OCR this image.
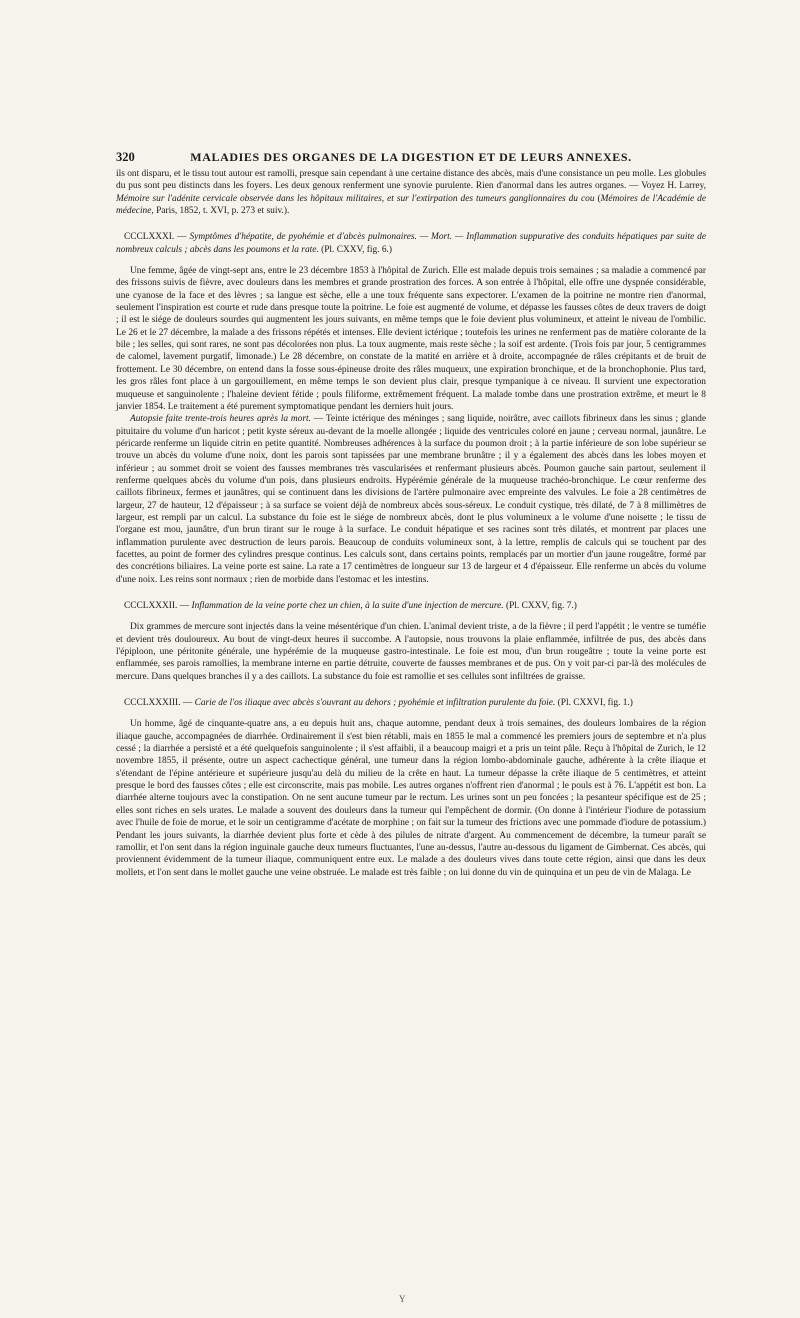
320	MALADIES DES ORGANES DE LA DIGESTION ET DE LEURS ANNEXES.

ils ont disparu, et le tissu tout autour est ramolli, presque sain cependant à une certaine distance des abcès, mais d'une consistance un peu molle. Les globules du pus sont peu distincts dans les foyers. Les deux genoux renferment une synovie purulente. Rien d'anormal dans les autres organes. — Voyez H. Larrey, Mémoire sur l'adénite cervicale observée dans les hôpitaux militaires, et sur l'extirpation des tumeurs ganglionnaires du cou (Mémoires de l'Académie de médecine, Paris, 1852, t. XVI, p. 273 et suiv.).

CCCLXXXI. — Symptômes d'hépatite, de pyohémie et d'abcès pulmonaires. — Mort. — Inflammation suppurative des conduits hépatiques par suite de nombreux calculs ; abcès dans les poumons et la rate. (Pl. CXXV, fig. 6.)

Une femme, âgée de vingt-sept ans, entre le 23 décembre 1853 à l'hôpital de Zurich. Elle est malade depuis trois semaines ; sa maladie a commencé par des frissons suivis de fièvre, avec douleurs dans les membres et grande prostration des forces. A son entrée à l'hôpital, elle offre une dyspnée considérable, une cyanose de la face et des lèvres ; sa langue est sèche, elle a une toux fréquente sans expectorer. L'examen de la poitrine ne montre rien d'anormal, seulement l'inspiration est courte et rude dans presque toute la poitrine. Le foie est augmenté de volume, et dépasse les fausses côtes de deux travers de doigt ; il est le siége de douleurs sourdes qui augmentent les jours suivants, en même temps que le foie devient plus volumineux, et atteint le niveau de l'ombilic. Le 26 et le 27 décembre, la malade a des frissons répétés et intenses. Elle devient ictérique ; toutefois les urines ne renferment pas de matière colorante de la bile ; les selles, qui sont rares, ne sont pas décolorées non plus. La toux augmente, mais reste sèche ; la soif est ardente. (Trois fois par jour, 5 centigrammes de calomel, lavement purgatif, limonade.) Le 28 décembre, on constate de la matité en arrière et à droite, accompagnée de râles crépitants et de bruit de frottement. Le 30 décembre, on entend dans la fosse sous-épineuse droite des râles muqueux, une expiration bronchique, et de la bronchophonie. Plus tard, les gros râles font place à un gargouillement, en même temps le son devient plus clair, presque tympanique à ce niveau. Il survient une expectoration muqueuse et sanguinolente ; l'haleine devient fétide ; pouls filiforme, extrêmement fréquent. La malade tombe dans une prostration extrême, et meurt le 8 janvier 1854. Le traitement a été purement symptomatique pendant les derniers huit jours.

Autopsie faite trente-trois heures après la mort. — Teinte ictérique des méninges ; sang liquide, noirâtre, avec caillots fibrineux dans les sinus ; glande pituitaire du volume d'un haricot ; petit kyste séreux au-devant de la moelle allongée ; liquide des ventricules coloré en jaune ; cerveau normal, jaunâtre. Le péricarde renferme un liquide citrin en petite quantité. Nombreuses adhérences à la surface du poumon droit ; à la partie inférieure de son lobe supérieur se trouve un abcès du volume d'une noix, dont les parois sont tapissées par une membrane brunâtre ; il y a également des abcès dans les lobes moyen et inférieur ; au sommet droit se voient des fausses membranes très vascularisées et renfermant plusieurs abcès. Poumon gauche sain partout, seulement il renferme quelques abcès du volume d'un pois, dans plusieurs endroits. Hypérémie générale de la muqueuse trachéo-bronchique. Le cœur renferme des caillots fibrineux, fermes et jaunâtres, qui se continuent dans les divisions de l'artère pulmonaire avec empreinte des valvules. Le foie a 28 centimètres de largeur, 27 de hauteur, 12 d'épaisseur ; à sa surface se voient déjà de nombreux abcès sous-séreux. Le conduit cystique, très dilaté, de 7 à 8 millimètres de largeur, est rempli par un calcul. La substance du foie est le siége de nombreux abcès, dont le plus volumineux a le volume d'une noisette ; le tissu de l'organe est mou, jaunâtre, d'un brun tirant sur le rouge à la surface. Le conduit hépatique et ses racines sont très dilatés, et montrent par places une inflammation purulente avec destruction de leurs parois. Beaucoup de conduits volumineux sont, à la lettre, remplis de calculs qui se touchent par des facettes, au point de former des cylindres presque continus. Les calculs sont, dans certains points, remplacés par un mortier d'un jaune rougeâtre, formé par des concrétions biliaires. La veine porte est saine. La rate a 17 centimètres de longueur sur 13 de largeur et 4 d'épaisseur. Elle renferme un abcès du volume d'une noix. Les reins sont normaux ; rien de morbide dans l'estomac et les intestins.

CCCLXXXII. — Inflammation de la veine porte chez un chien, à la suite d'une injection de mercure. (Pl. CXXV, fig. 7.)

Dix grammes de mercure sont injectés dans la veine mésentérique d'un chien. L'animal devient triste, a de la fièvre ; il perd l'appétit ; le ventre se tuméfie et devient très douloureux. Au bout de vingt-deux heures il succombe. A l'autopsie, nous trouvons la plaie enflammée, infiltrée de pus, des abcès dans l'épiploon, une péritonite générale, une hypérémie de la muqueuse gastro-intestinale. Le foie est mou, d'un brun rougeâtre ; toute la veine porte est enflammée, ses parois ramollies, la membrane interne en partie détruite, couverte de fausses membranes et de pus. On y voit par-ci par-là des molécules de mercure. Dans quelques branches il y a des caillots. La substance du foie est ramollie et ses cellules sont infiltrées de graisse.

CCCLXXXIII. — Carie de l'os iliaque avec abcès s'ouvrant au dehors ; pyohémie et infiltration purulente du foie. (Pl. CXXVI, fig. 1.)

Un homme, âgé de cinquante-quatre ans, a eu depuis huit ans, chaque automne, pendant deux à trois semaines, des douleurs lombaires de la région iliaque gauche, accompagnées de diarrhée. Ordinairement il s'est bien rétabli, mais en 1855 le mal a commencé les premiers jours de septembre et n'a plus cessé ; la diarrhée a persisté et a été quelquefois sanguinolente ; il s'est affaibli, il a beaucoup maigri et a pris un teint pâle. Reçu à l'hôpital de Zurich, le 12 novembre 1855, il présente, outre un aspect cachectique général, une tumeur dans la région lombo-abdominale gauche, adhérente à la crête iliaque et s'étendant de l'épine antérieure et supérieure jusqu'au delà du milieu de la crête en haut. La tumeur dépasse la crête iliaque de 5 centimètres, et atteint presque le bord des fausses côtes ; elle est circonscrite, mais pas mobile. Les autres organes n'offrent rien d'anormal ; le pouls est à 76. L'appétit est bon. La diarrhée alterne toujours avec la constipation. On ne sent aucune tumeur par le rectum. Les urines sont un peu foncées ; la pesanteur spécifique est de 25 ; elles sont riches en sels urates. Le malade a souvent des douleurs dans la tumeur qui l'empêchent de dormir. (On donne à l'intérieur l'iodure de potassium avec l'huile de foie de morue, et le soir un centigramme d'acétate de morphine ; on fait sur la tumeur des frictions avec une pommade d'iodure de potassium.) Pendant les jours suivants, la diarrhée devient plus forte et cède à des pilules de nitrate d'argent. Au commencement de décembre, la tumeur paraît se ramollir, et l'on sent dans la région inguinale gauche deux tumeurs fluctuantes, l'une au-dessus, l'autre au-dessous du ligament de Gimbernat. Ces abcès, qui proviennent évidemment de la tumeur iliaque, communiquent entre eux. Le malade a des douleurs vives dans toute cette région, ainsi que dans les deux mollets, et l'on sent dans le mollet gauche une veine obstruée. Le malade est très faible ; on lui donne du vin de quinquina et un peu de vin de Malaga. Le

Y
